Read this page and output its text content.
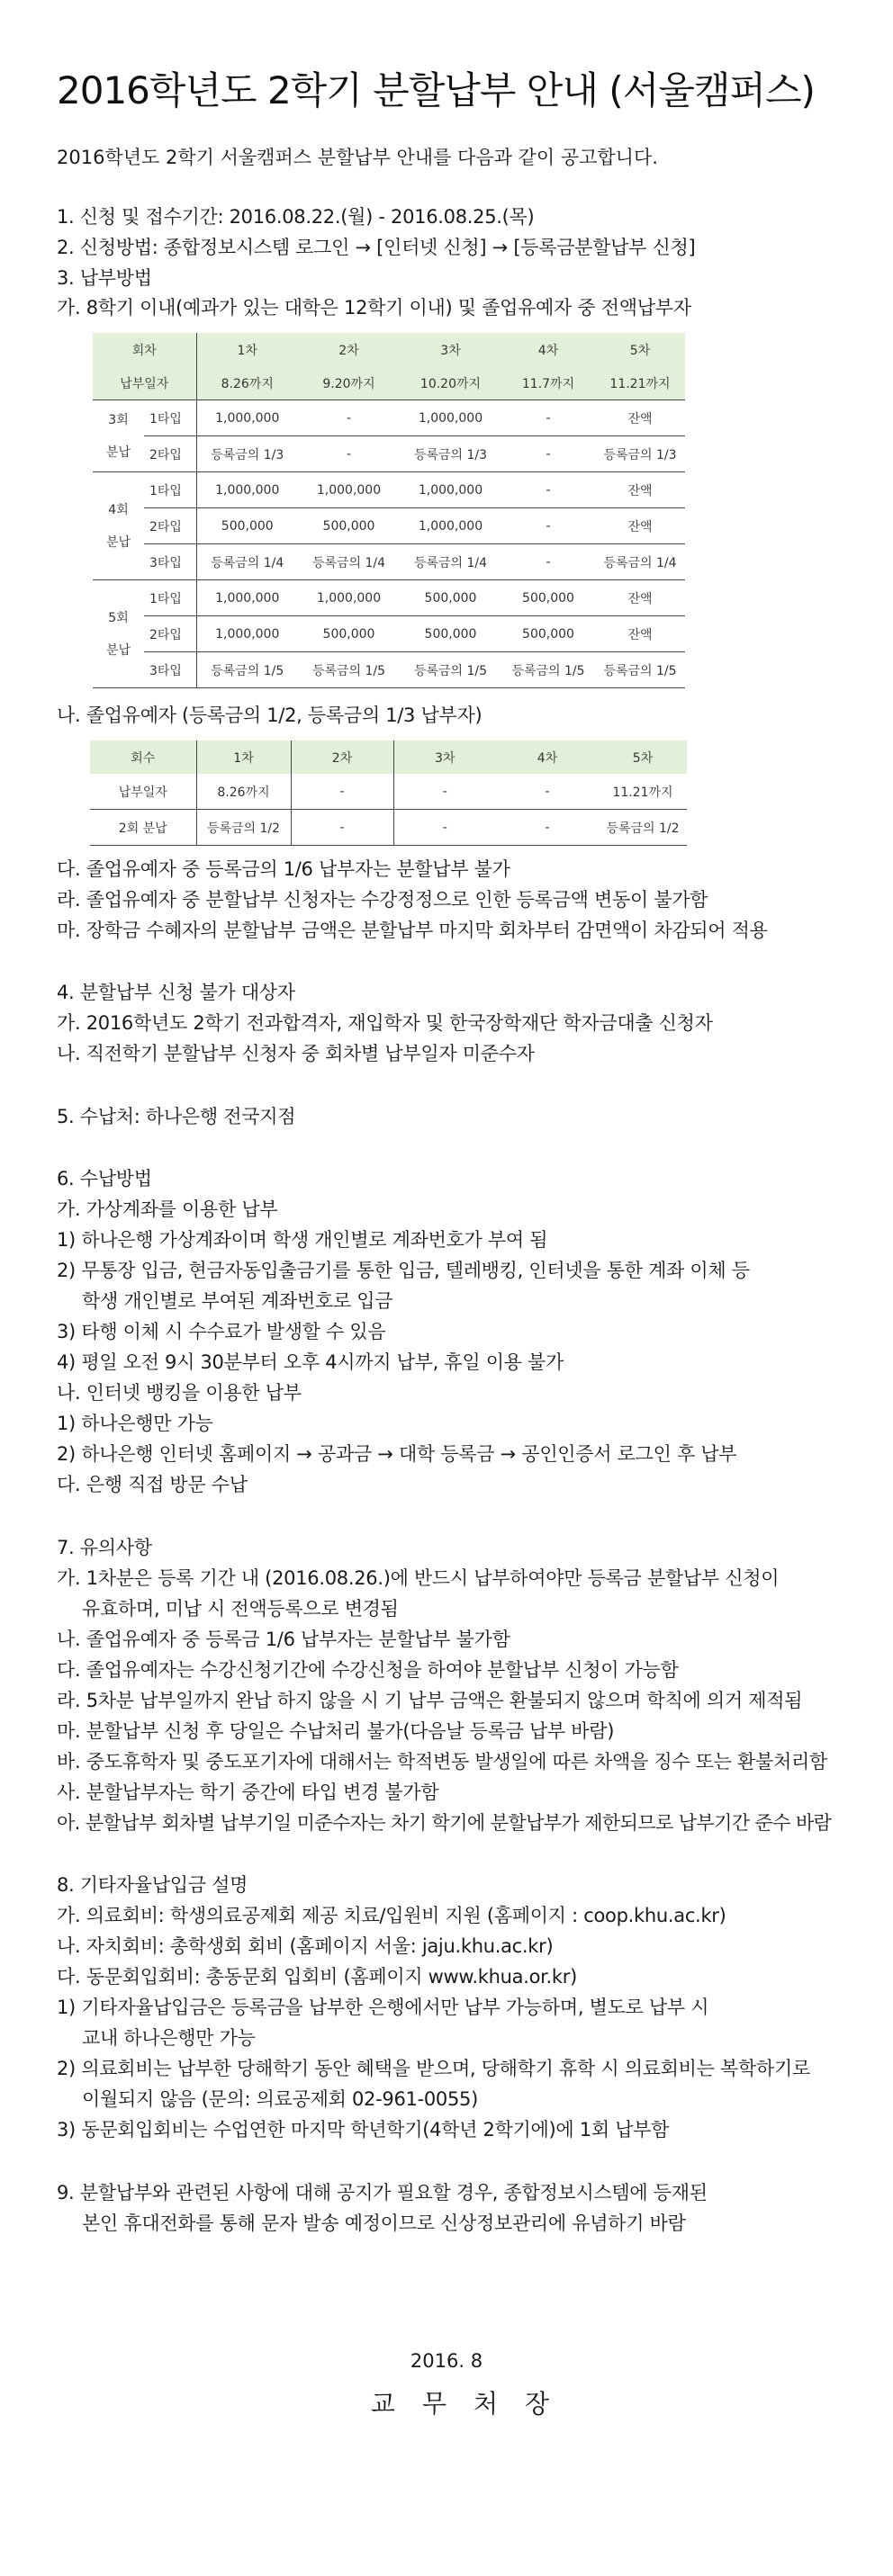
2016학년도 2학기 분할납부 안내 (서울캠퍼스)
2016학년도 2학기 서울캠퍼스 분할납부 안내를 다음과 같이 공고합니다.
1. 신청 및 접수기간: 2016.08.22.(월) - 2016.08.25.(목)
2. 신청방법: 종합정보시스템 로그인 → [인터넷 신청] → [등록금분할납부 신청]
3. 납부방법
가. 8학기 이내(예과가 있는 대학은 12학기 이내) 및 졸업유예자 중 전액납부자
회차		1차	2차	3차	4차	5차
납부일자		8.26까지	9.20까지	10.20까지	11.7까지	11.21까지
3회

분납	1타입	1,000,000	-	1,000,000	-	잔액
	2타입	등록금의 1/3	-	등록금의 1/3	-	등록금의 1/3
4회

분납	1타입	1,000,000	1,000,000	1,000,000	-	잔액
	2타입	500,000	500,000	1,000,000	-	잔액
	3타입	등록금의 1/4	등록금의 1/4	등록금의 1/4	-	등록금의 1/4
5회

분납	1타입	1,000,000	1,000,000	500,000	500,000	잔액
	2타입	1,000,000	500,000	500,000	500,000	잔액
	3타입	등록금의 1/5	등록금의 1/5	등록금의 1/5	등록금의 1/5	등록금의 1/5
나. 졸업유예자 (등록금의 1/2, 등록금의 1/3 납부자)
회수	1차	2차	3차	4차	5차
납부일자	8.26까지	-	-	-	11.21까지
2회 분납	등록금의 1/2	-	-	-	등록금의 1/2
다. 졸업유예자 중 등록금의 1/6 납부자는 분할납부 불가
라. 졸업유예자 중 분할납부 신청자는 수강정정으로 인한 등록금액 변동이 불가함
마. 장학금 수혜자의 분할납부 금액은 분할납부 마지막 회차부터 감면액이 차감되어 적용
4. 분할납부 신청 불가 대상자
가. 2016학년도 2학기 전과합격자, 재입학자 및 한국장학재단 학자금대출 신청자
나. 직전학기 분할납부 신청자 중 회차별 납부일자 미준수자
5. 수납처: 하나은행 전국지점
6. 수납방법
가. 가상계좌를 이용한 납부
1) 하나은행 가상계좌이며 학생 개인별로 계좌번호가 부여 됨
2) 무통장 입금, 현금자동입출금기를 통한 입금, 텔레뱅킹, 인터넷을 통한 계좌 이체 등
학생 개인별로 부여된 계좌번호로 입금
3) 타행 이체 시 수수료가 발생할 수 있음
4) 평일 오전 9시 30분부터 오후 4시까지 납부, 휴일 이용 불가
나. 인터넷 뱅킹을 이용한 납부
1) 하나은행만 가능
2) 하나은행 인터넷 홈페이지 → 공과금 → 대학 등록금 → 공인인증서 로그인 후 납부
다. 은행 직접 방문 수납
7. 유의사항
가. 1차분은 등록 기간 내 (2016.08.26.)에 반드시 납부하여야만 등록금 분할납부 신청이
유효하며, 미납 시 전액등록으로 변경됨
나. 졸업유예자 중 등록금 1/6 납부자는 분할납부 불가함
다. 졸업유예자는 수강신청기간에 수강신청을 하여야 분할납부 신청이 가능함
라. 5차분 납부일까지 완납 하지 않을 시 기 납부 금액은 환불되지 않으며 학칙에 의거 제적됨
마. 분할납부 신청 후 당일은 수납처리 불가(다음날 등록금 납부 바람)
바. 중도휴학자 및 중도포기자에 대해서는 학적변동 발생일에 따른 차액을 징수 또는 환불처리함
사. 분할납부자는 학기 중간에 타입 변경 불가함
아. 분할납부 회차별 납부기일 미준수자는 차기 학기에 분할납부가 제한되므로 납부기간 준수 바람
8. 기타자율납입금 설명
가. 의료회비: 학생의료공제회 제공 치료/입원비 지원 (홈페이지 : coop.khu.ac.kr)
나. 자치회비: 총학생회 회비 (홈페이지 서울: jaju.khu.ac.kr)
다. 동문회입회비: 총동문회 입회비 (홈페이지 www.khua.or.kr)
1) 기타자율납입금은 등록금을 납부한 은행에서만 납부 가능하며, 별도로 납부 시
교내 하나은행만 가능
2) 의료회비는 납부한 당해학기 동안 혜택을 받으며, 당해학기 휴학 시 의료회비는 복학하기로
이월되지 않음 (문의: 의료공제회 02-961-0055)
3) 동문회입회비는 수업연한 마지막 학년학기(4학년 2학기에)에 1회 납부함
9. 분할납부와 관련된 사항에 대해 공지가 필요할 경우, 종합정보시스템에 등재된
본인 휴대전화를 통해 문자 발송 예정이므로 신상정보관리에 유념하기 바람
2016. 8
교무처장
